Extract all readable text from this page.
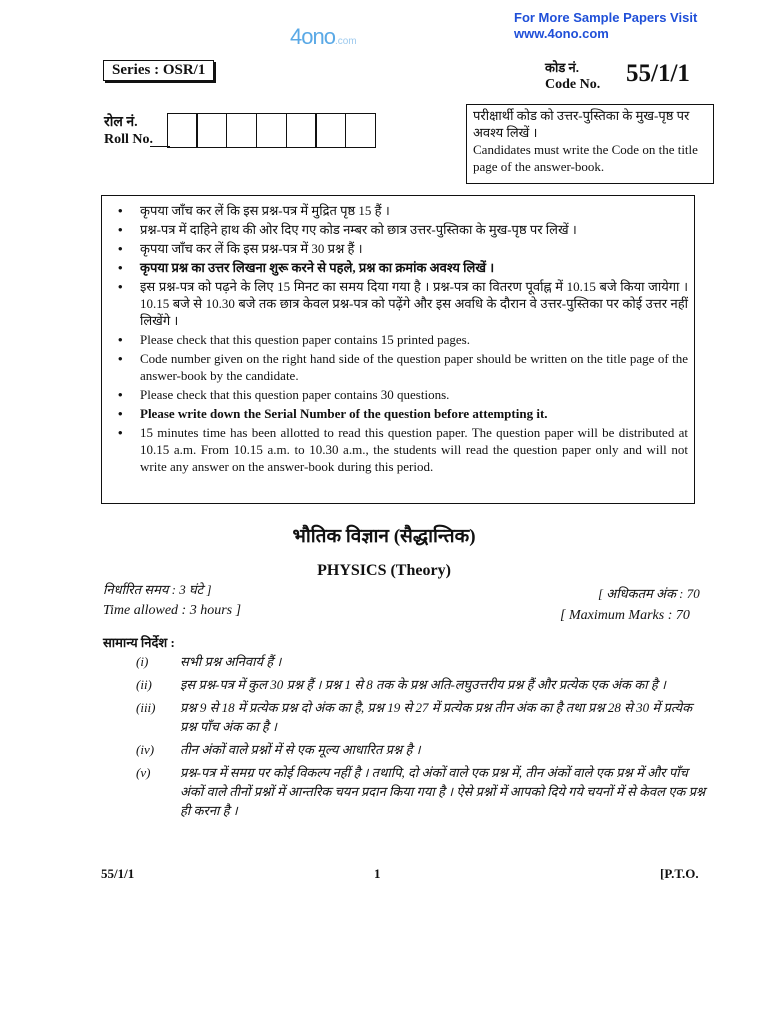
For More Sample Papers Visit
www.4ono.com
4ono.com
Series : OSR/1	कोड नं.
Code No. 55/1/1
रोल नं.
Roll No.
परीक्षार्थी कोड को उत्तर-पुस्तिका के मुख-पृष्ठ पर अवश्य लिखें ।
Candidates must write the Code on the title page of the answer-book.
• कृपया जाँच कर लें कि इस प्रश्न-पत्र में मुद्रित पृष्ठ 15 हैं ।
• प्रश्न-पत्र में दाहिने हाथ की ओर दिए गए कोड नम्बर को छात्र उत्तर-पुस्तिका के मुख-पृष्ठ पर लिखें ।
• कृपया जाँच कर लें कि इस प्रश्न-पत्र में 30 प्रश्न हैं ।
• कृपया प्रश्न का उत्तर लिखना शुरू करने से पहले, प्रश्न का क्रमांक अवश्य लिखें ।
• इस प्रश्न-पत्र को पढ़ने के लिए 15 मिनट का समय दिया गया है । प्रश्न-पत्र का वितरण पूर्वाह्न में 10.15 बजे किया जायेगा । 10.15 बजे से 10.30 बजे तक छात्र केवल प्रश्न-पत्र को पढ़ेंगे और इस अवधि के दौरान वे उत्तर-पुस्तिका पर कोई उत्तर नहीं लिखेंगे ।
• Please check that this question paper contains 15 printed pages.
• Code number given on the right hand side of the question paper should be written on the title page of the answer-book by the candidate.
• Please check that this question paper contains 30 questions.
• Please write down the Serial Number of the question before attempting it.
• 15 minutes time has been allotted to read this question paper. The question paper will be distributed at 10.15 a.m. From 10.15 a.m. to 10.30 a.m., the students will read the question paper only and will not write any answer on the answer-book during this period.
भौतिक विज्ञान (सैद्धान्तिक)
PHYSICS (Theory)
निर्धारित समय : 3 घंटे ]
Time allowed : 3 hours ]
[ अधिकतम अंक : 70
[ Maximum Marks : 70
सामान्य निर्देश :
(i)	सभी प्रश्न अनिवार्य हैं ।
(ii)	इस प्रश्न-पत्र में कुल 30 प्रश्न हैं । प्रश्न 1 से 8 तक के प्रश्न अति-लघुउत्तरीय प्रश्न हैं और प्रत्येक एक अंक का है ।
(iii)	प्रश्न 9 से 18 में प्रत्येक प्रश्न दो अंक का है, प्रश्न 19 से 27 में प्रत्येक प्रश्न तीन अंक का है तथा प्रश्न 28 से 30 में प्रत्येक प्रश्न पाँच अंक का है ।
(iv)	तीन अंकों वाले प्रश्नों में से एक मूल्य आधारित प्रश्न है ।
(v)	प्रश्न-पत्र में समग्र पर कोई विकल्प नहीं है । तथापि, दो अंकों वाले एक प्रश्न में, तीन अंकों वाले एक प्रश्न में और पाँच अंकों वाले तीनों प्रश्नों में आन्तरिक चयन प्रदान किया गया है । ऐसे प्रश्नों में आपको दिये गये चयनों में से केवल एक प्रश्न ही करना है ।
55/1/1	1	[P.T.O.
